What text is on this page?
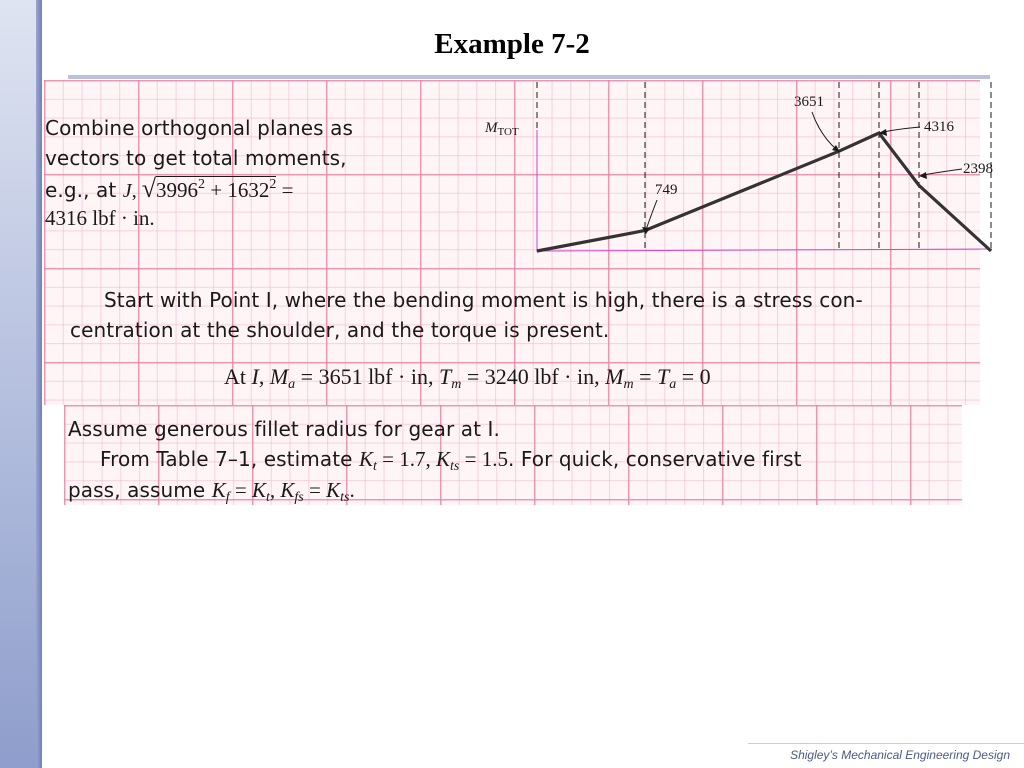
Example 7-2
Combine orthogonal planes as
vectors to get total moments,
e.g., at J, $√3996^2 + 1632^2$ =
4316 lbf · in.
$M_{TOT}$
749
3651
4316
2398
Start with Point I, where the bending moment is high, there is a stress con-
centration at the shoulder, and the torque is present.
At I, $M_a = 3651$ lbf · in, $T_m = 3240$ lbf · in, $M_m = T_a = 0$
Assume generous fillet radius for gear at I.
From Table 7–1, estimate $K_t = 1.7$, $K_{ts} = 1.5$. For quick, conservative first
pass, assume $K_f = K_t$, $K_{fs} = K_{ts}$.
Shigley’s Mechanical Engineering Design
